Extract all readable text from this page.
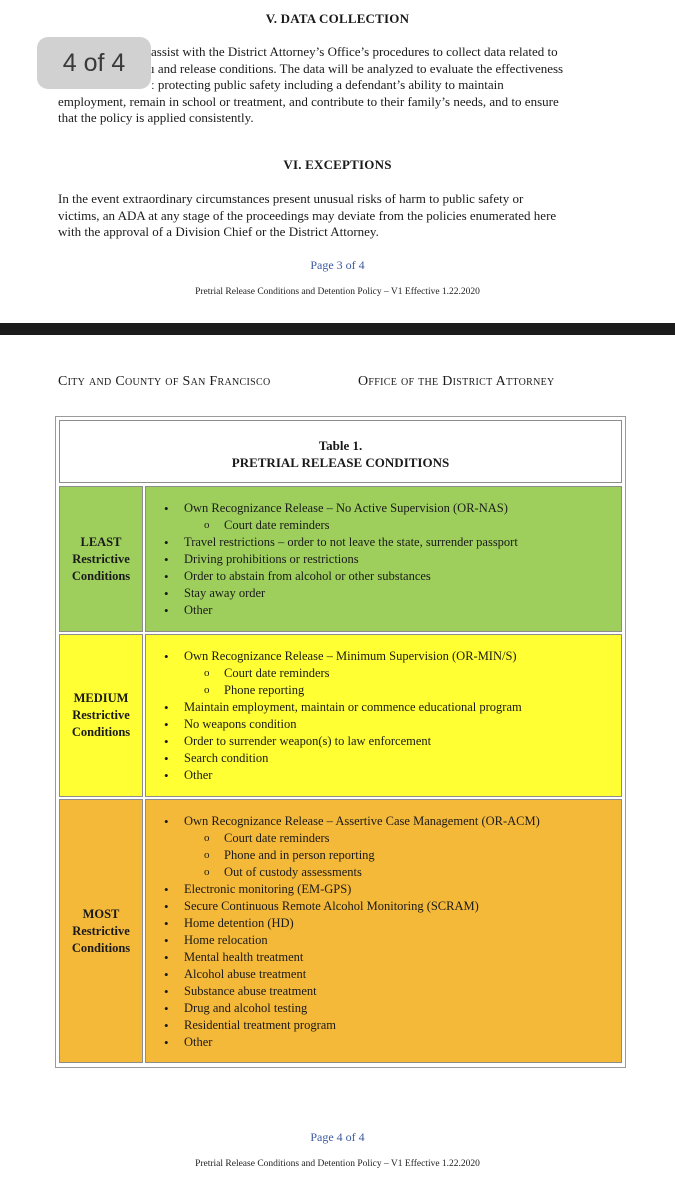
V. DATA COLLECTION
assist with the District Attorney’s Office’s procedures to collect data related to
ı and release conditions. The data will be analyzed to evaluate the effectiveness
ː protecting public safety including a defendant’s ability to maintain
employment, remain in school or treatment, and contribute to their family’s needs, and to ensure
that the policy is applied consistently.
VI. EXCEPTIONS
In the event extraordinary circumstances present unusual risks of harm to public safety or
victims, an ADA at any stage of the proceedings may deviate from the policies enumerated here
with the approval of a Division Chief or the District Attorney.
Page 3 of 4
Pretrial Release Conditions and Detention Policy – V1 Effective 1.22.2020
City and County of San Francisco	Office of the District Attorney
Table 1.
PRETRIAL RELEASE CONDITIONS
LEAST
Restrictive
Conditions
• Own Recognizance Release – No Active Supervision (OR-NAS)
o Court date reminders
• Travel restrictions – order to not leave the state, surrender passport
• Driving prohibitions or restrictions
• Order to abstain from alcohol or other substances
• Stay away order
• Other
MEDIUM
Restrictive
Conditions
• Own Recognizance Release – Minimum Supervision (OR-MIN/S)
o Court date reminders
o Phone reporting
• Maintain employment, maintain or commence educational program
• No weapons condition
• Order to surrender weapon(s) to law enforcement
• Search condition
• Other
MOST
Restrictive
Conditions
• Own Recognizance Release – Assertive Case Management (OR-ACM)
o Court date reminders
o Phone and in person reporting
o Out of custody assessments
• Electronic monitoring (EM-GPS)
• Secure Continuous Remote Alcohol Monitoring (SCRAM)
• Home detention (HD)
• Home relocation
• Mental health treatment
• Alcohol abuse treatment
• Substance abuse treatment
• Drug and alcohol testing
• Residential treatment program
• Other
Page 4 of 4
Pretrial Release Conditions and Detention Policy – V1 Effective 1.22.2020
4 of 4
